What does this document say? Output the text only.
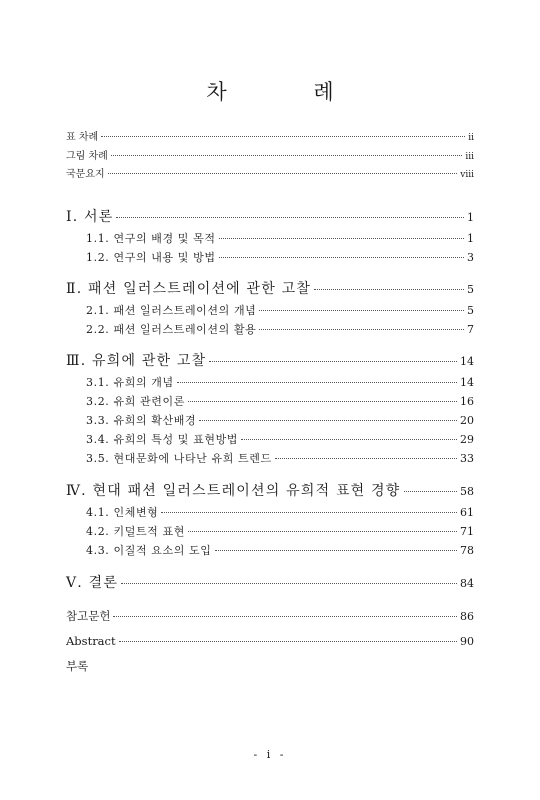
차 례
표 차례	ii
그림 차례	iii
국문요지	viii
Ⅰ. 서론	1
1.1. 연구의 배경 및 목적	1
1.2. 연구의 내용 및 방법	3
Ⅱ. 패션 일러스트레이션에 관한 고찰	5
2.1. 패션 일러스트레이션의 개념	5
2.2. 패션 일러스트레이션의 활용	7
Ⅲ. 유희에 관한 고찰	14
3.1. 유희의 개념	14
3.2. 유희 관련이론	16
3.3. 유희의 확산배경	20
3.4. 유희의 특성 및 표현방법	29
3.5. 현대문화에 나타난 유희 트렌드	33
Ⅳ. 현대 패션 일러스트레이션의 유희적 표현 경향	58
4.1. 인체변형	61
4.2. 키덜트적 표현	71
4.3. 이질적 요소의 도입	78
Ⅴ. 결론	84
참고문헌	86
Abstract	90
부록
- i -
